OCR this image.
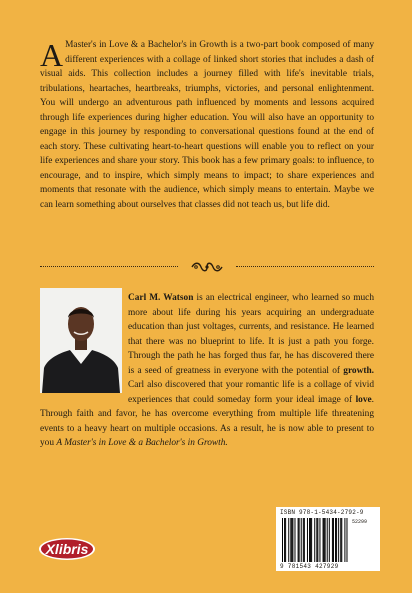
A Master's in Love & a Bachelor's in Growth is a two-part book composed of many different experiences with a collage of linked short stories that includes a dash of visual aids. This collection includes a journey filled with life's inevitable trials, tribulations, heartaches, heartbreaks, triumphs, victories, and personal enlightenment. You will undergo an adventurous path influenced by moments and lessons acquired through life experiences during higher education. You will also have an opportunity to engage in this journey by responding to conversational questions found at the end of each story. These cultivating heart-to-heart questions will enable you to reflect on your life experiences and share your story. This book has a few primary goals: to influence, to encourage, and to inspire, which simply means to impact; to share experiences and moments that resonate with the audience, which simply means to entertain. Maybe we can learn something about ourselves that classes did not teach us, but life did.
Carl M. Watson is an electrical engineer, who learned so much more about life during his years acquiring an undergraduate education than just voltages, currents, and resistance. He learned that there was no blueprint to life. It is just a path you forge. Through the path he has forged thus far, he has discovered there is a seed of greatness in everyone with the potential of growth. Carl also discovered that your romantic life is a collage of vivid experiences that could someday form your ideal image of love. Through faith and favor, he has overcome everything from multiple life threatening events to a heavy heart on multiple occasions. As a result, he is now able to present to you A Master's in Love & a Bachelor's in Growth.
Xlibris
ISBN 978-1-5434-2792-9
52299
9 781543 427929
